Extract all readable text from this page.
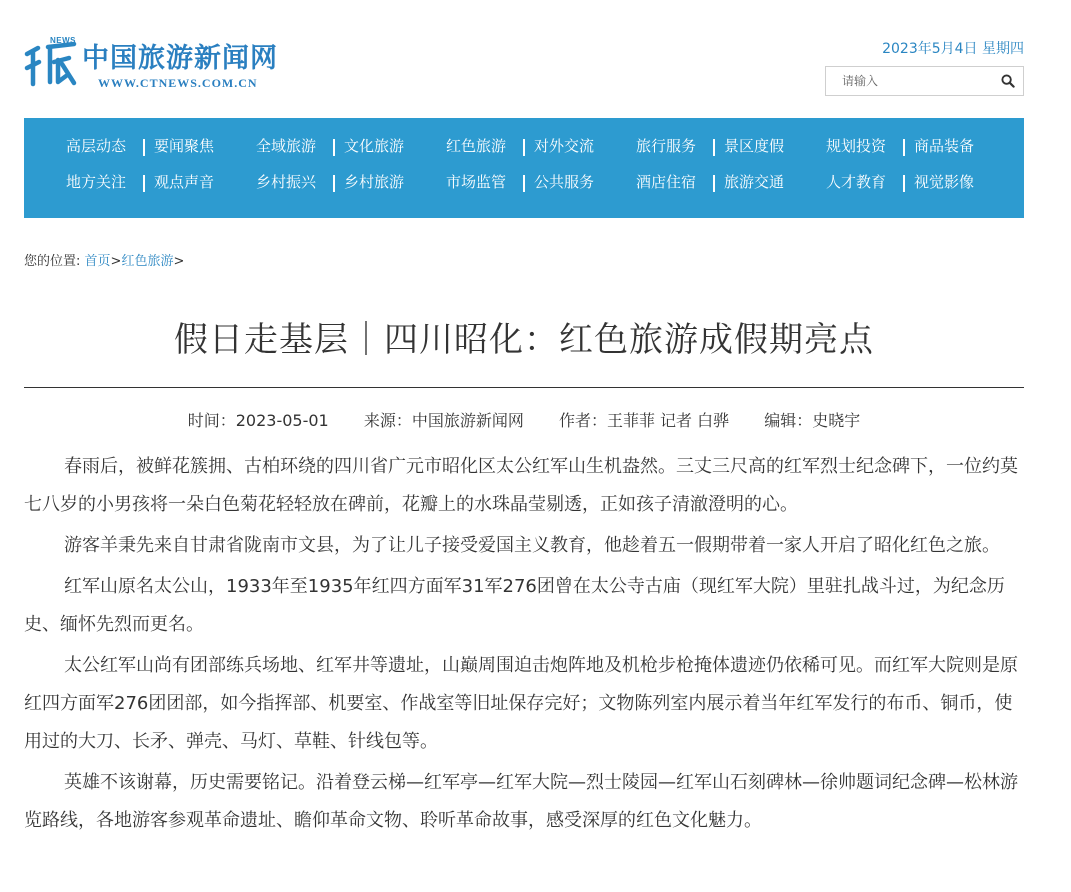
NEWS
中国旅游新闻网
WWW.CTNEWS.COM.CN
2023年5月4日 星期四
请输入
高层动态 要闻聚焦	全域旅游 文化旅游	红色旅游 对外交流	旅行服务 景区度假	规划投资 商品装备
地方关注 观点声音	乡村振兴 乡村旅游	市场监管 公共服务	酒店住宿 旅游交通	人才教育 视觉影像
您的位置: 首页>红色旅游>
假日走基层｜四川昭化：红色旅游成假期亮点
时间：2023-05-01 来源：中国旅游新闻网 作者：王菲菲 记者 白骅 编辑：史晓宇

春雨后，被鲜花簇拥、古柏环绕的四川省广元市昭化区太公红军山生机盎然。三丈三尺高的红军烈士纪念碑下，一位约莫七八岁的小男孩将一朵白色菊花轻轻放在碑前，花瓣上的水珠晶莹剔透，正如孩子清澈澄明的心。

游客羊秉先来自甘肃省陇南市文县，为了让儿子接受爱国主义教育，他趁着五一假期带着一家人开启了昭化红色之旅。

红军山原名太公山，1933年至1935年红四方面军31军276团曾在太公寺古庙（现红军大院）里驻扎战斗过，为纪念历史、缅怀先烈而更名。

太公红军山尚有团部练兵场地、红军井等遗址，山巅周围迫击炮阵地及机枪步枪掩体遗迹仍依稀可见。而红军大院则是原红四方面军276团团部，如今指挥部、机要室、作战室等旧址保存完好；文物陈列室内展示着当年红军发行的布币、铜币，使用过的大刀、长矛、弹壳、马灯、草鞋、针线包等。

英雄不该谢幕，历史需要铭记。沿着登云梯—红军亭—红军大院—烈士陵园—红军山石刻碑林—徐帅题词纪念碑—松林游览路线，各地游客参观革命遗址、瞻仰革命文物、聆听革命故事，感受深厚的红色文化魅力。
